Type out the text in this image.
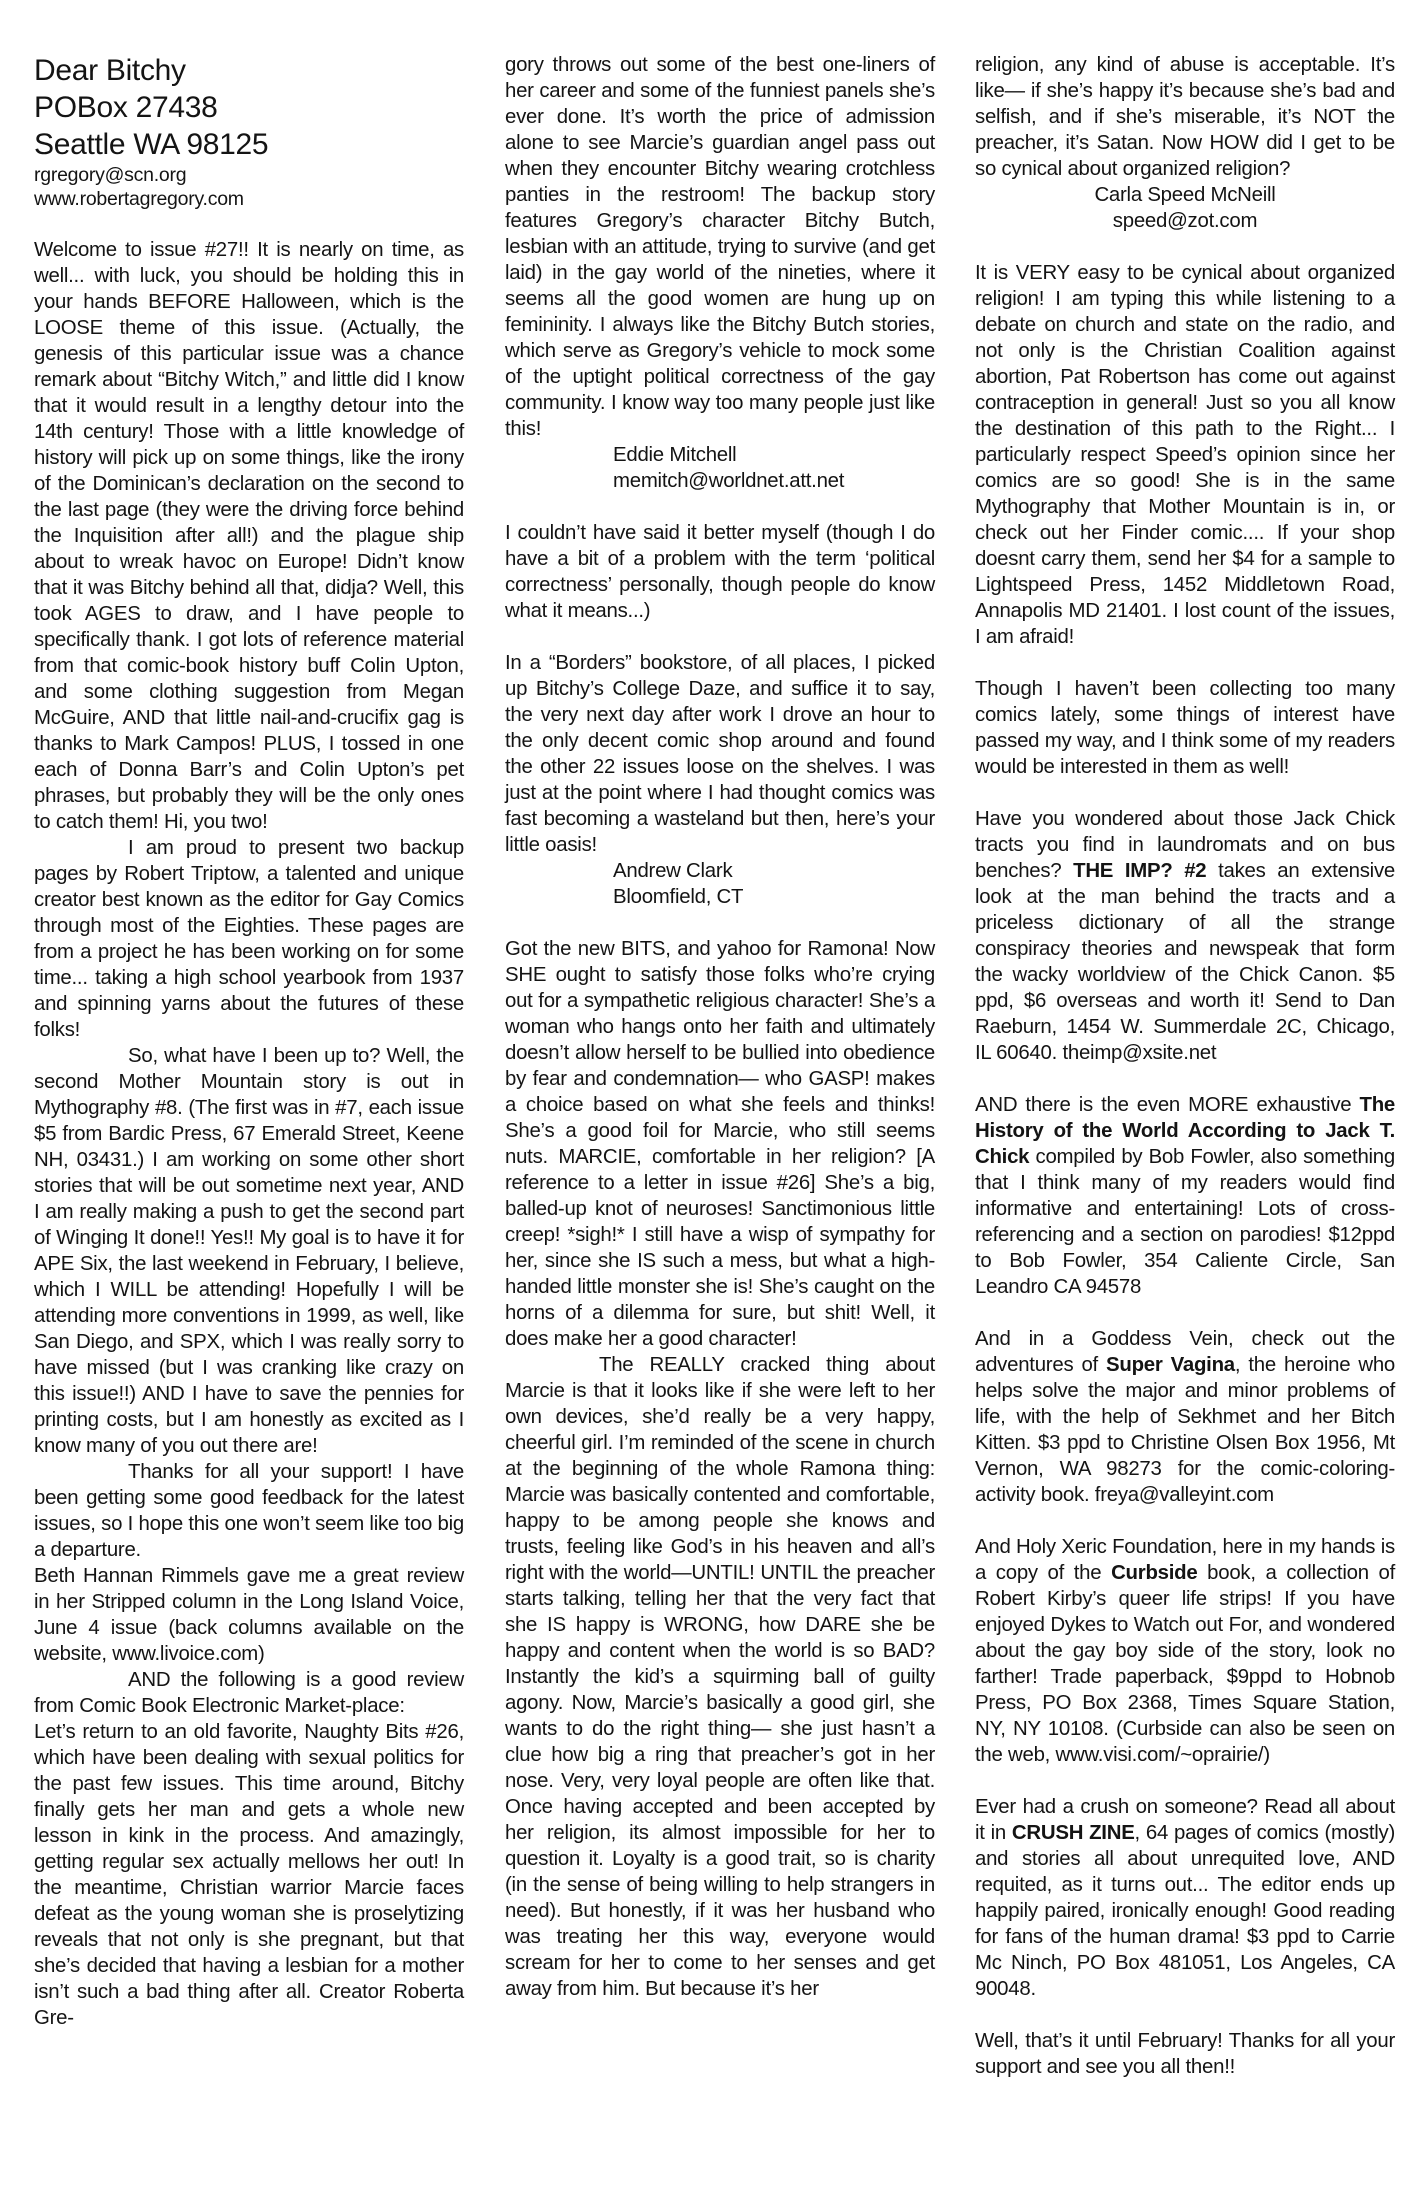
Dear Bitchy
POBox 27438
Seattle WA 98125
rgregory@scn.org
www.robertagregory.com

Welcome to issue #27!! It is nearly on time, as well... with luck, you should be holding this in your hands BEFORE Halloween, which is the LOOSE theme of this issue. (Actually, the genesis of this particular issue was a chance remark about “Bitchy Witch,” and little did I know that it would result in a lengthy detour into the 14th century! Those with a little knowledge of history will pick up on some things, like the irony of the Dominican’s declaration on the second to the last page (they were the driving force behind the Inquisition after all!) and the plague ship about to wreak havoc on Europe! Didn’t know that it was Bitchy behind all that, didja? Well, this took AGES to draw, and I have people to specifically thank. I got lots of reference material from that comic-book history buff Colin Upton, and some clothing suggestion from Megan McGuire, AND that little nail-and-crucifix gag is thanks to Mark Campos! PLUS, I tossed in one each of Donna Barr’s and Colin Upton’s pet phrases, but probably they will be the only ones to catch them! Hi, you two!

I am proud to present two backup pages by Robert Triptow, a talented and unique creator best known as the editor for Gay Comics through most of the Eighties. These pages are from a project he has been working on for some time... taking a high school yearbook from 1937 and spinning yarns about the futures of these folks!

So, what have I been up to? Well, the second Mother Mountain story is out in Mythography #8. (The first was in #7, each issue $5 from Bardic Press, 67 Emerald Street, Keene NH, 03431.) I am working on some other short stories that will be out sometime next year, AND I am really making a push to get the second part of Winging It done!! Yes!! My goal is to have it for APE Six, the last weekend in February, I believe, which I WILL be attending! Hopefully I will be attending more conventions in 1999, as well, like San Diego, and SPX, which I was really sorry to have missed (but I was cranking like crazy on this issue!!) AND I have to save the pennies for printing costs, but I am honestly as excited as I know many of you out there are!

Thanks for all your support! I have been getting some good feedback for the latest issues, so I hope this one won’t seem like too big a departure.

Beth Hannan Rimmels gave me a great review in her Stripped column in the Long Island Voice, June 4 issue (back columns available on the website, www.livoice.com)

AND the following is a good review from Comic Book Electronic Market-place:

Let’s return to an old favorite, Naughty Bits #26, which have been dealing with sexual politics for the past few issues. This time around, Bitchy finally gets her man and gets a whole new lesson in kink in the process. And amazingly, getting regular sex actually mellows her out! In the meantime, Christian warrior Marcie faces defeat as the young woman she is proselytizing reveals that not only is she pregnant, but that she’s decided that having a lesbian for a mother isn’t such a bad thing after all. Creator Roberta Gre-

gory throws out some of the best one-liners of her career and some of the funniest panels she’s ever done. It’s worth the price of admission alone to see Marcie’s guardian angel pass out when they encounter Bitchy wearing crotchless panties in the restroom! The backup story features Gregory’s character Bitchy Butch, lesbian with an attitude, trying to survive (and get laid) in the gay world of the nineties, where it seems all the good women are hung up on femininity. I always like the Bitchy Butch stories, which serve as Gregory’s vehicle to mock some of the uptight political correctness of the gay community. I know way too many people just like this!

Eddie Mitchell
memitch@worldnet.att.net

I couldn’t have said it better myself (though I do have a bit of a problem with the term ‘political correctness’ personally, though people do know what it means...)

In a “Borders” bookstore, of all places, I picked up Bitchy’s College Daze, and suffice it to say, the very next day after work I drove an hour to the only decent comic shop around and found the other 22 issues loose on the shelves. I was just at the point where I had thought comics was fast becoming a wasteland but then, here’s your little oasis!

Andrew Clark
Bloomfield, CT

Got the new BITS, and yahoo for Ramona! Now SHE ought to satisfy those folks who’re crying out for a sympathetic religious character! She’s a woman who hangs onto her faith and ultimately doesn’t allow herself to be bullied into obedience by fear and condemnation— who GASP! makes a choice based on what she feels and thinks! She’s a good foil for Marcie, who still seems nuts. MARCIE, comfortable in her religion? [A reference to a letter in issue #26] She’s a big, balled-up knot of neuroses! Sanctimonious little creep! *sigh!* I still have a wisp of sympathy for her, since she IS such a mess, but what a high-handed little monster she is! She’s caught on the horns of a dilemma for sure, but shit! Well, it does make her a good character!

The REALLY cracked thing about Marcie is that it looks like if she were left to her own devices, she’d really be a very happy, cheerful girl. I’m reminded of the scene in church at the beginning of the whole Ramona thing: Marcie was basically contented and comfortable, happy to be among people she knows and trusts, feeling like God’s in his heaven and all’s right with the world—UNTIL! UNTIL the preacher starts talking, telling her that the very fact that she IS happy is WRONG, how DARE she be happy and content when the world is so BAD? Instantly the kid’s a squirming ball of guilty agony. Now, Marcie’s basically a good girl, she wants to do the right thing— she just hasn’t a clue how big a ring that preacher’s got in her nose. Very, very loyal people are often like that. Once having accepted and been accepted by her religion, its almost impossible for her to question it. Loyalty is a good trait, so is charity (in the sense of being willing to help strangers in need). But honestly, if it was her husband who was treating her this way, everyone would scream for her to come to her senses and get away from him. But because it’s her

religion, any kind of abuse is acceptable. It’s like— if she’s happy it’s because she’s bad and selfish, and if she’s miserable, it’s NOT the preacher, it’s Satan. Now HOW did I get to be so cynical about organized religion?

Carla Speed McNeill
speed@zot.com

It is VERY easy to be cynical about organized religion! I am typing this while listening to a debate on church and state on the radio, and not only is the Christian Coalition against abortion, Pat Robertson has come out against contraception in general! Just so you all know the destination of this path to the Right... I particularly respect Speed’s opinion since her comics are so good! She is in the same Mythography that Mother Mountain is in, or check out her Finder comic.... If your shop doesnt carry them, send her $4 for a sample to Lightspeed Press, 1452 Middletown Road, Annapolis MD 21401. I lost count of the issues, I am afraid!

Though I haven’t been collecting too many comics lately, some things of interest have passed my way, and I think some of my readers would be interested in them as well!

Have you wondered about those Jack Chick tracts you find in laundromats and on bus benches? THE IMP? #2 takes an extensive look at the man behind the tracts and a priceless dictionary of all the strange conspiracy theories and newspeak that form the wacky worldview of the Chick Canon. $5 ppd, $6 overseas and worth it! Send to Dan Raeburn, 1454 W. Summerdale 2C, Chicago, IL 60640. theimp@xsite.net

AND there is the even MORE exhaustive The History of the World According to Jack T. Chick compiled by Bob Fowler, also something that I think many of my readers would find informative and entertaining! Lots of cross-referencing and a section on parodies! $12ppd to Bob Fowler, 354 Caliente Circle, San Leandro CA 94578

And in a Goddess Vein, check out the adventures of Super Vagina, the heroine who helps solve the major and minor problems of life, with the help of Sekhmet and her Bitch Kitten. $3 ppd to Christine Olsen Box 1956, Mt Vernon, WA 98273 for the comic-coloring-activity book. freya@valleyint.com

And Holy Xeric Foundation, here in my hands is a copy of the Curbside book, a collection of Robert Kirby’s queer life strips! If you have enjoyed Dykes to Watch out For, and wondered about the gay boy side of the story, look no farther! Trade paperback, $9ppd to Hobnob Press, PO Box 2368, Times Square Station, NY, NY 10108. (Curbside can also be seen on the web, www.visi.com/~oprairie/)

Ever had a crush on someone? Read all about it in CRUSH ZINE, 64 pages of comics (mostly) and stories all about unrequited love, AND requited, as it turns out... The editor ends up happily paired, ironically enough! Good reading for fans of the human drama! $3 ppd to Carrie Mc Ninch, PO Box 481051, Los Angeles, CA 90048.

Well, that’s it until February! Thanks for all your support and see you all then!!
